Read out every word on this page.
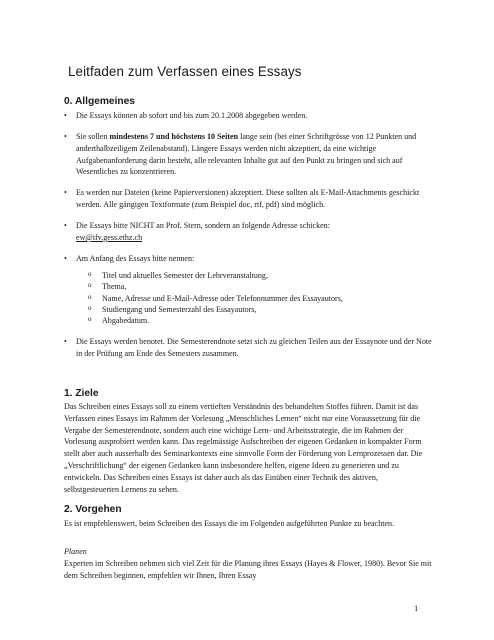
Leitfaden zum Verfassen eines Essays
0. Allgemeines
• Die Essays können ab sofort und bis zum 20.1.2008 abgegeben werden.
• Sie sollen mindestens 7 und höchstens 10 Seiten lange sein (bei einer Schriftgrösse von 12 Punkten und anderthalbzeiligem Zeilenabstand). Längere Essays werden nicht akzeptiert, da eine wichtige Aufgabenanforderung darin besteht, alle relevanten Inhalte gut auf den Punkt zu bringen und sich auf Wesentliches zu konzentrieren.
• Es werden nur Dateien (keine Papierversionen) akzeptiert. Diese sollten als E-Mail-Attachments geschickt werden. Alle gängigen Textformate (zum Beispiel doc, rtf, pdf) sind möglich.
• Die Essays bitte NICHT an Prof. Stern, sondern an folgende Adresse schicken:
ew@ifv.gess.ethz.ch
• Am Anfang des Essays bitte nennen:
o Titel und aktuelles Semester der Lehrveranstaltung,
o Thema,
o Name, Adresse und E-Mail-Adresse oder Telefonnummer des Essayautors,
o Studiengang und Semesterzahl des Essayautors,
o Abgabedatum.
• Die Essays werden benotet. Die Semesterendnote setzt sich zu gleichen Teilen aus der Essaynote und der Note in der Prüfung am Ende des Semesters zusammen.
1. Ziele
Das Schreiben eines Essays soll zu einem vertieften Verständnis des behandelten Stoffes führen. Damit ist das Verfassen eines Essays im Rahmen der Vorlesung „Menschliches Lernen“ nicht nur eine Voraussetzung für die Vergabe der Semesterendnote, sondern auch eine wichtige Lern- und Arbeitsstrategie, die im Rahmen der Vorlesung ausprobiert werden kann. Das regelmässige Aufschreiben der eigenen Gedanken in kompakter Form stellt aber auch ausserhalb des Seminarkontexts eine sinnvolle Form der Förderung von Lernprozessen dar. Die „Verschriftlichung“ der eigenen Gedanken kann insbesondere helfen, eigene Ideen zu generieren und zu entwickeln. Das Schreiben eines Essays ist daher auch als das Einüben einer Technik des aktiven, selbstgesteuerten Lernens zu sehen.
2. Vorgehen
Es ist empfehlenswert, beim Schreiben des Essays die im Folgenden aufgeführten Punkte zu beachten.
Planen
Experten im Schreiben nehmen sich viel Zeit für die Planung ihres Essays (Hayes & Flower, 1980). Bevor Sie mit dem Schreiben beginnen, empfehlen wir Ihnen, Ihren Essay
1
